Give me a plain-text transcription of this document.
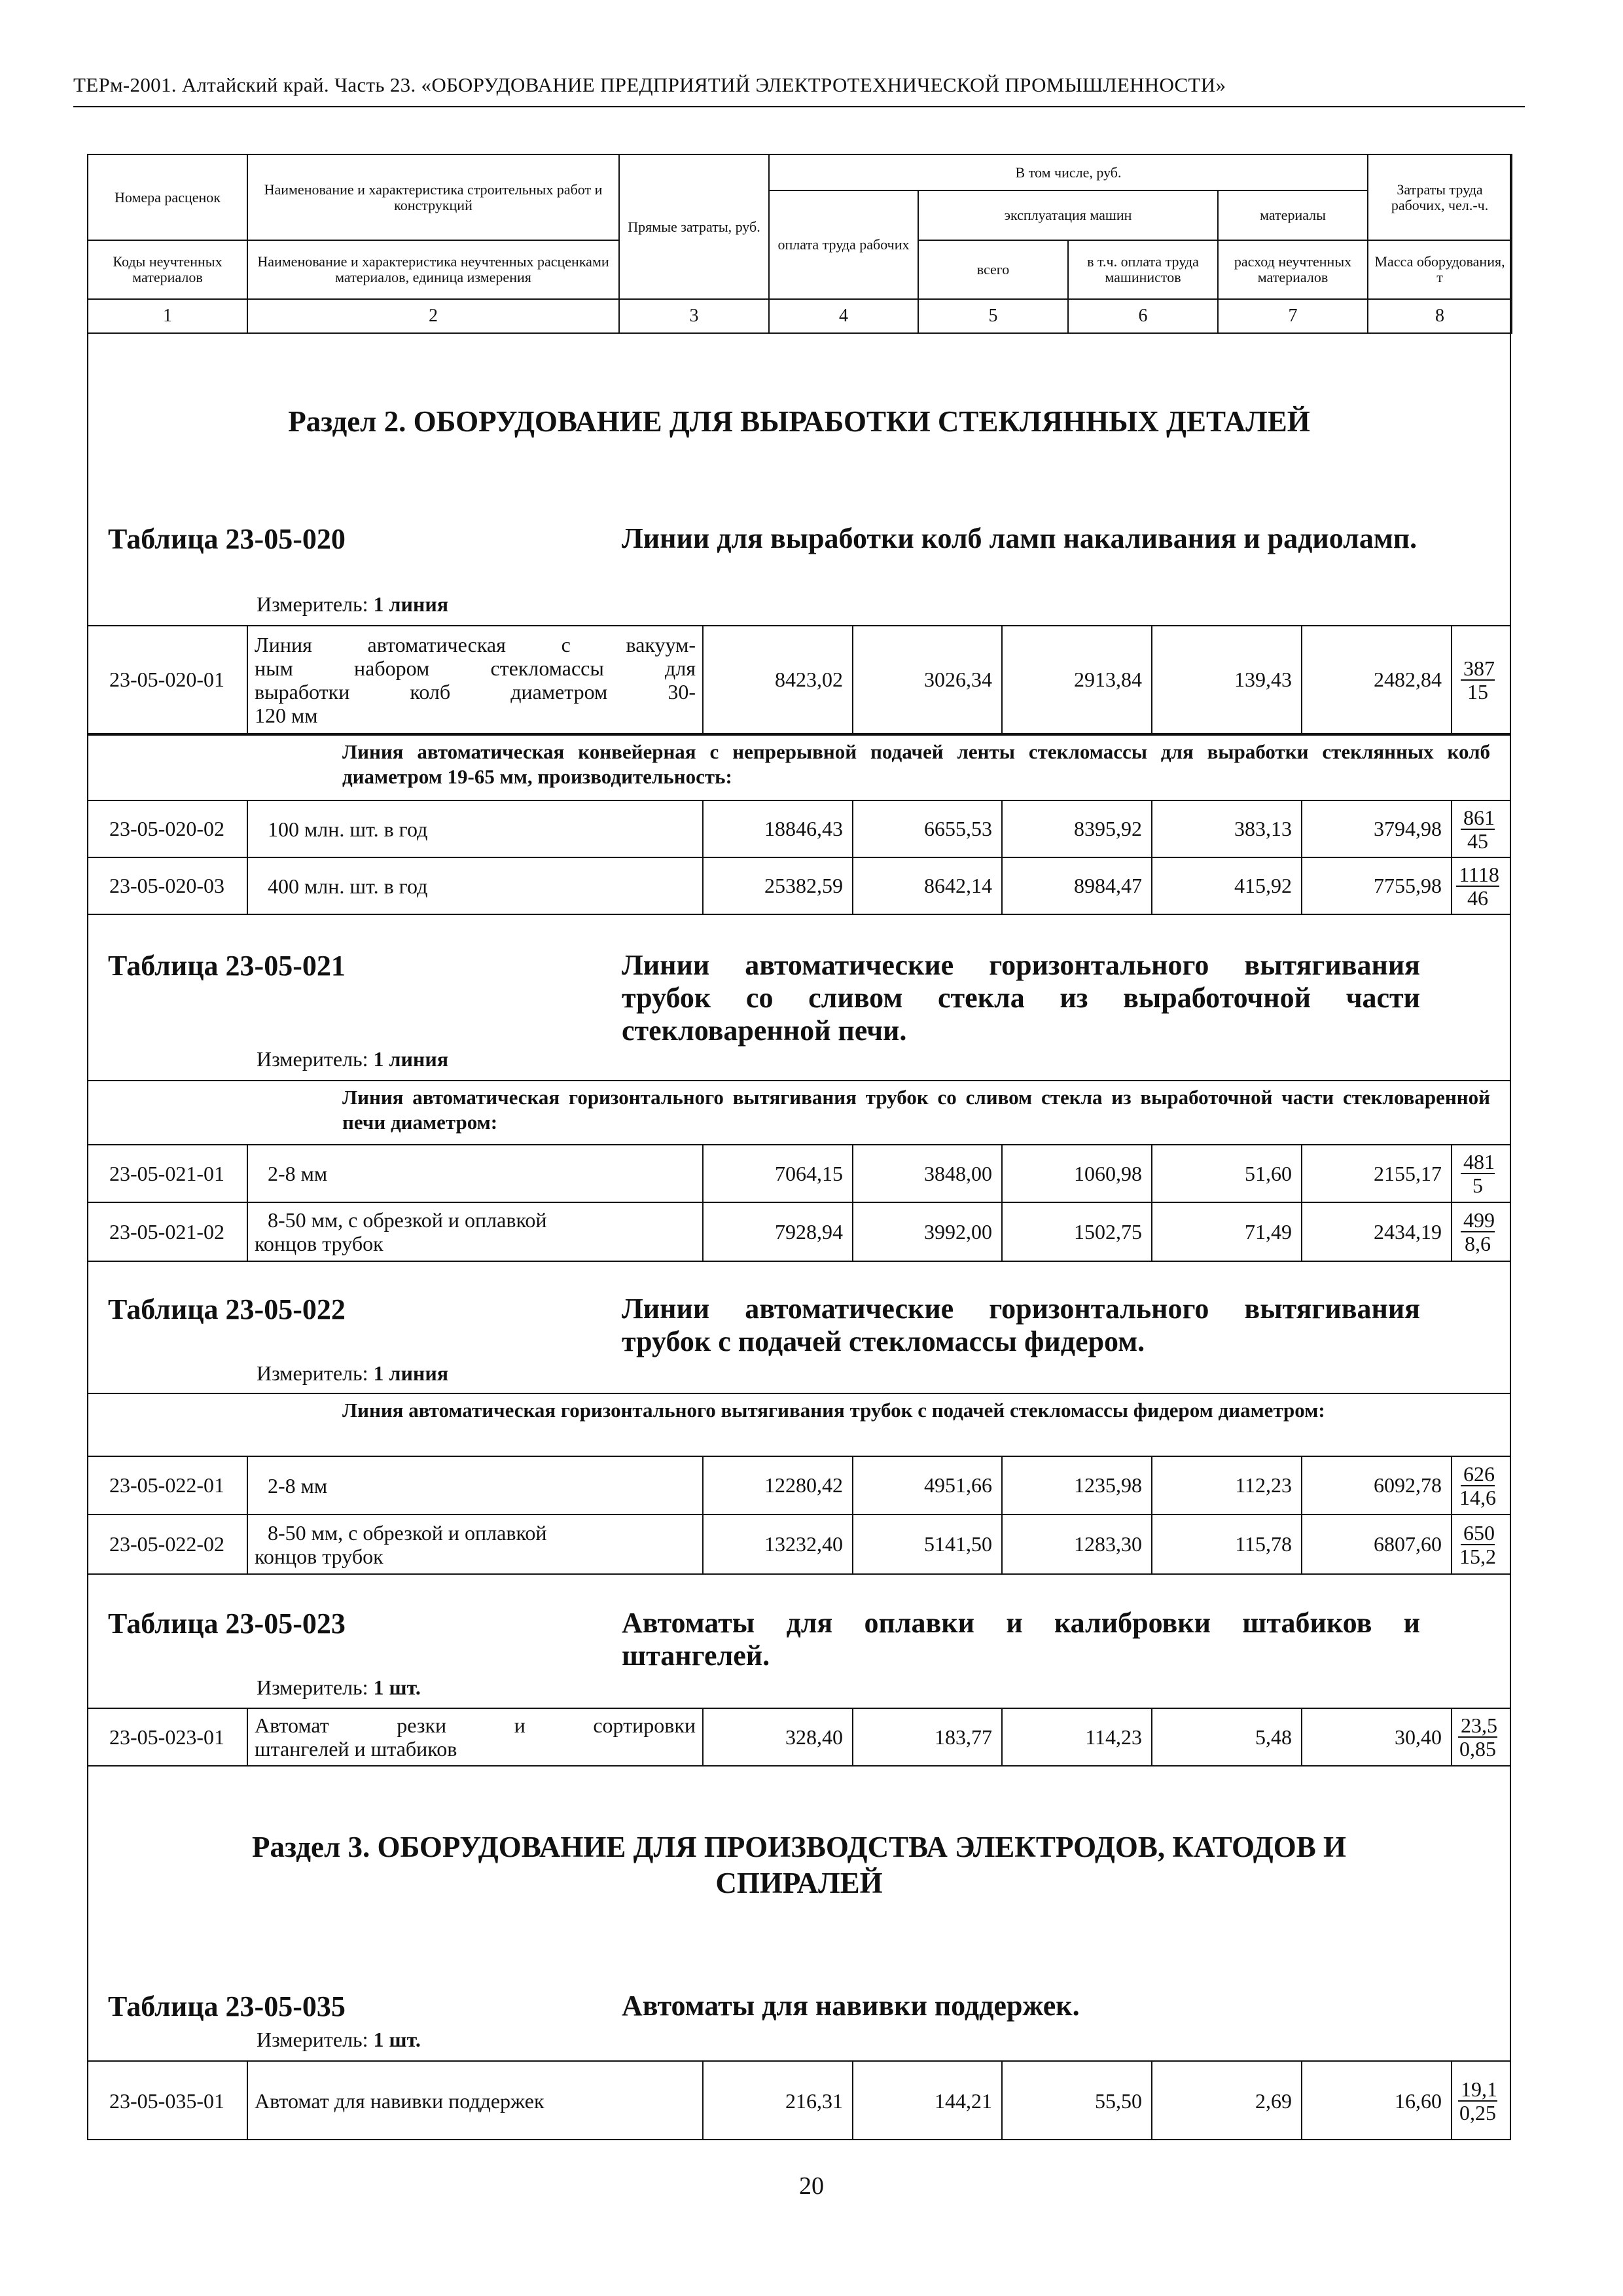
ТЕРм-2001. Алтайский край. Часть 23. «ОБОРУДОВАНИЕ ПРЕДПРИЯТИЙ ЭЛЕКТРОТЕХНИЧЕСКОЙ ПРОМЫШЛЕННОСТИ»
Номера расценок	Наименование и характеристика строительных работ и конструкций	Прямые затраты, руб.	В том числе, руб.				Затраты труда рабочих, чел.-ч.

			оплата труда рабочих	эксплуатация машин		материалы	
Коды неучтенных материалов	Наименование и характеристика неучтенных расценками материалов, единица измерения			всего	в т.ч. оплата труда машинистов	расход неучтенных материалов	Масса оборудования, т

1	2	3	4	5	6	7	8
Раздел 2. ОБОРУДОВАНИЕ ДЛЯ ВЫРАБОТКИ СТЕКЛЯННЫХ ДЕТАЛЕЙ
Таблица 23-05-020	Линии для выработки колб ламп накаливания и радиоламп.
Измеритель: 1 линия
23-05-020-01
Линия автоматическая с вакуум-
ным набором стекломассы для
выработки колб диаметром 30-
120 мм
8423,02	3026,34	2913,84	139,43	2482,84	387
15
Линия автоматическая конвейерная с непрерывной подачей ленты стекломассы для выработки стеклянных колб диаметром 19-65 мм, производительность:
23-05-020-02	100 млн. шт. в год	18846,43	6655,53	8395,92	383,13	3794,98	861
45
23-05-020-03	400 млн. шт. в год	25382,59	8642,14	8984,47	415,92	7755,98 1118
46
Таблица 23-05-021	Линии автоматические горизонтального вытягивания трубок со сливом стекла из выработочной части стекловаренной печи.
Измеритель: 1 линия
Линия автоматическая горизонтального вытягивания трубок со сливом стекла из выработочной части стекловаренной печи диаметром:
23-05-021-01	2-8 мм	7064,15	3848,00	1060,98	51,60	2155,17	481
5
23-05-021-02	8-50 мм, с обрезкой и оплавкой
концов трубок
7928,94	3992,00	1502,75	71,49	2434,19	499
8,6
Таблица 23-05-022	Линии автоматические горизонтального вытягивания трубок с подачей стекломассы фидером.
Измеритель: 1 линия
Линия автоматическая горизонтального вытягивания трубок с подачей стекломассы фидером диаметром:
23-05-022-01	2-8 мм	12280,42	4951,66	1235,98	112,23	6092,78	626
14,6
23-05-022-02	8-50 мм, с обрезкой и оплавкой
концов трубок
13232,40	5141,50	1283,30	115,78	6807,60	650
15,2
Таблица 23-05-023	Автоматы для оплавки и калибровки штабиков и штангелей.
Измеритель: 1 шт.
23-05-023-01	Автомат резки и сортировки
штангелей и штабиков
328,40	183,77	114,23	5,48	30,40 23,5
0,85
Раздел 3. ОБОРУДОВАНИЕ ДЛЯ ПРОИЗВОДСТВА ЭЛЕКТРОДОВ, КАТОДОВ И
СПИРАЛЕЙ
Таблица 23-05-035	Автоматы для навивки поддержек.
Измеритель: 1 шт.
23-05-035-01	Автомат для навивки поддержек	216,31	144,21	55,50	2,69	16,60 19,1
0,25
20
